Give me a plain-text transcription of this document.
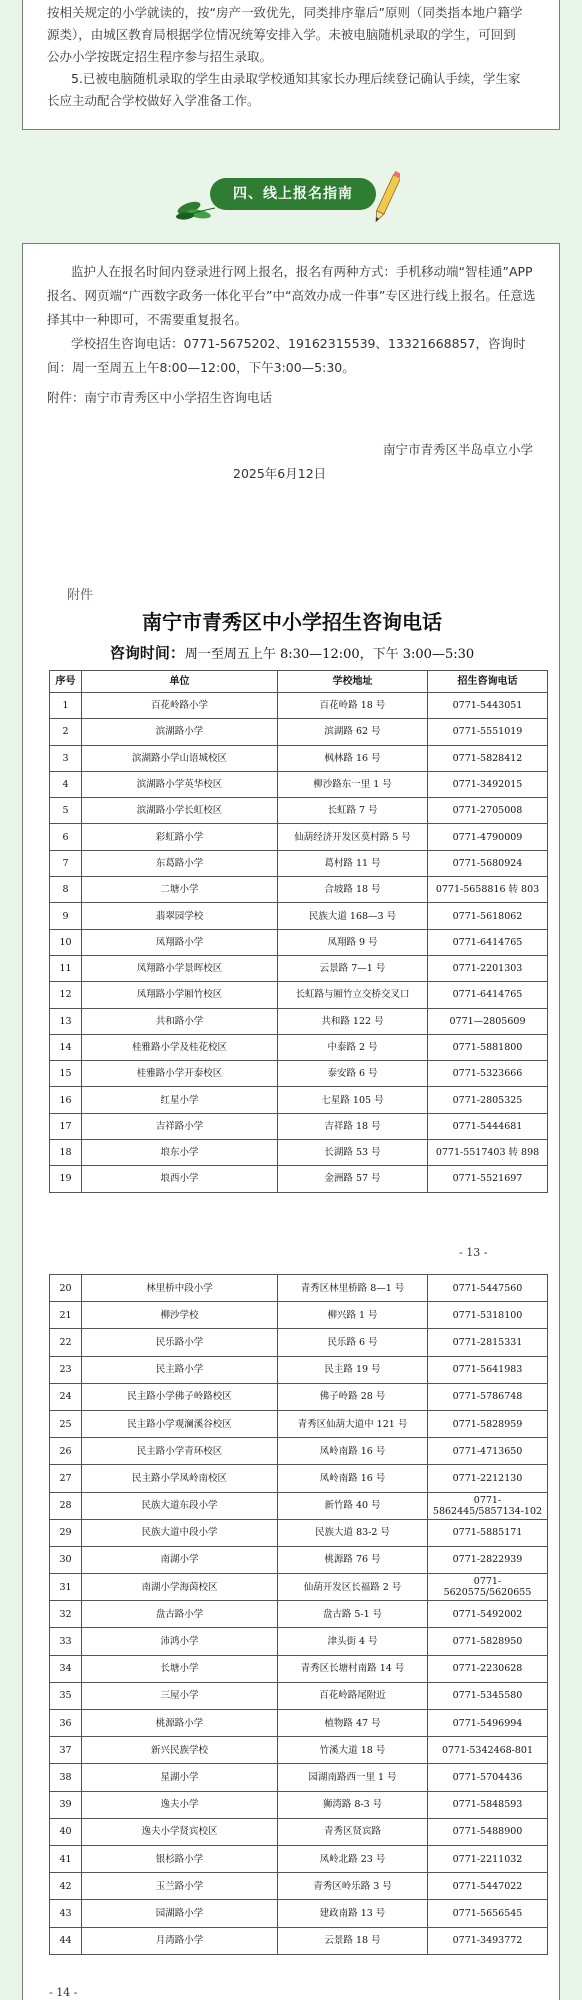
按相关规定的小学就读的，按“房产一致优先，同类排序靠后”原则（同类指本地户籍学

源类），由城区教育局根据学位情况统筹安排入学。未被电脑随机录取的学生，可回到

公办小学按既定招生程序参与招生录取。

5.已被电脑随机录取的学生由录取学校通知其家长办理后续登记确认手续，学生家

长应主动配合学校做好入学准备工作。

四、线上报名指南
监护人在报名时间内登录进行网上报名，报名有两种方式：手机移动端“智桂通”APP报名、网页端“广西数字政务一体化平台”中“高效办成一件事”专区进行线上报名。任意选择其中一种即可，不需要重复报名。
学校招生咨询电话：0771-5675202、19162315539、13321668857，咨询时间：周一至周五上午8:00—12:00，下午3:00—5:30。
附件：南宁市青秀区中小学招生咨询电话
南宁市青秀区半岛卓立小学
2025年6月12日
附件
南宁市青秀区中小学招生咨询电话
咨询时间：周一至周五上午 8:30—12:00，下午 3:00—5:30
序号	单位	学校地址	招生咨询电话
1	百花岭路小学	百花岭路 18 号	0771-5443051
2	滨湖路小学	滨湖路 62 号	0771-5551019
3	滨湖路小学山语城校区	枫林路 16 号	0771-5828412
4	滨湖路小学英华校区	柳沙路东一里 1 号	0771-3492015
5	滨湖路小学长虹校区	长虹路 7 号	0771-2705008
6	彩虹路小学	仙葫经济开发区莫村路 5 号	0771-4790009
7	东葛路小学	葛村路 11 号	0771-5680924
8	二塘小学	合坡路 18 号	0771-5658816 转 803
9	翡翠园学校	民族大道 168—3 号	0771-5618062
10	凤翔路小学	凤翔路 9 号	0771-6414765
11	凤翔路小学景晖校区	云景路 7—1 号	0771-2201303
12	凤翔路小学厢竹校区	长虹路与厢竹立交桥交叉口	0771-6414765
13	共和路小学	共和路 122 号	0771—2805609
14	桂雅路小学及桂花校区	中泰路 2 号	0771-5881800
15	桂雅路小学开泰校区	泰安路 6 号	0771-5323666
16	红星小学	七星路 105 号	0771-2805325
17	吉祥路小学	吉祥路 18 号	0771-5444681
18	埌东小学	长湖路 53 号	0771-5517403 转 898
19	埌西小学	金洲路 57 号	0771-5521697
- 13 -
20	林里桥中段小学	青秀区林里桥路 8—1 号	0771-5447560
21	柳沙学校	柳兴路 1 号	0771-5318100
22	民乐路小学	民乐路 6 号	0771-2815331
23	民主路小学	民主路 19 号	0771-5641983
24	民主路小学佛子岭路校区	佛子岭路 28 号	0771-5786748
25	民主路小学观澜溪谷校区	青秀区仙葫大道中 121 号	0771-5828959
26	民主路小学青环校区	凤岭南路 16 号	0771-4713650
27	民主路小学凤岭南校区	凤岭南路 16 号	0771-2212130
28	民族大道东段小学	新竹路 40 号	0771-5862445/5857134-102
29	民族大道中段小学	民族大道 83-2 号	0771-5885171
30	南湖小学	桃源路 76 号	0771-2822939
31	南湖小学海茵校区	仙葫开发区长福路 2 号	0771-5620575/5620655
32	盘古路小学	盘古路 5-1 号	0771-5492002
33	沛鸿小学	津头街 4 号	0771-5828950
34	长塘小学	青秀区长塘村南路 14 号	0771-2230628
35	三屋小学	百花岭路尾附近	0771-5345580
36	桃源路小学	植物路 47 号	0771-5496994
37	新兴民族学校	竹溪大道 18 号	0771-5342468-801
38	星湖小学	园湖南路西一里 1 号	0771-5704436
39	逸夫小学	狮湾路 8-3 号	0771-5848593
40	逸夫小学贤宾校区	青秀区贤宾路	0771-5488900
41	银杉路小学	凤岭北路 23 号	0771-2211032
42	玉兰路小学	青秀区岭乐路 3 号	0771-5447022
43	园湖路小学	建政南路 13 号	0771-5656545
44	月湾路小学	云景路 18 号	0771-3493772
- 14 -
